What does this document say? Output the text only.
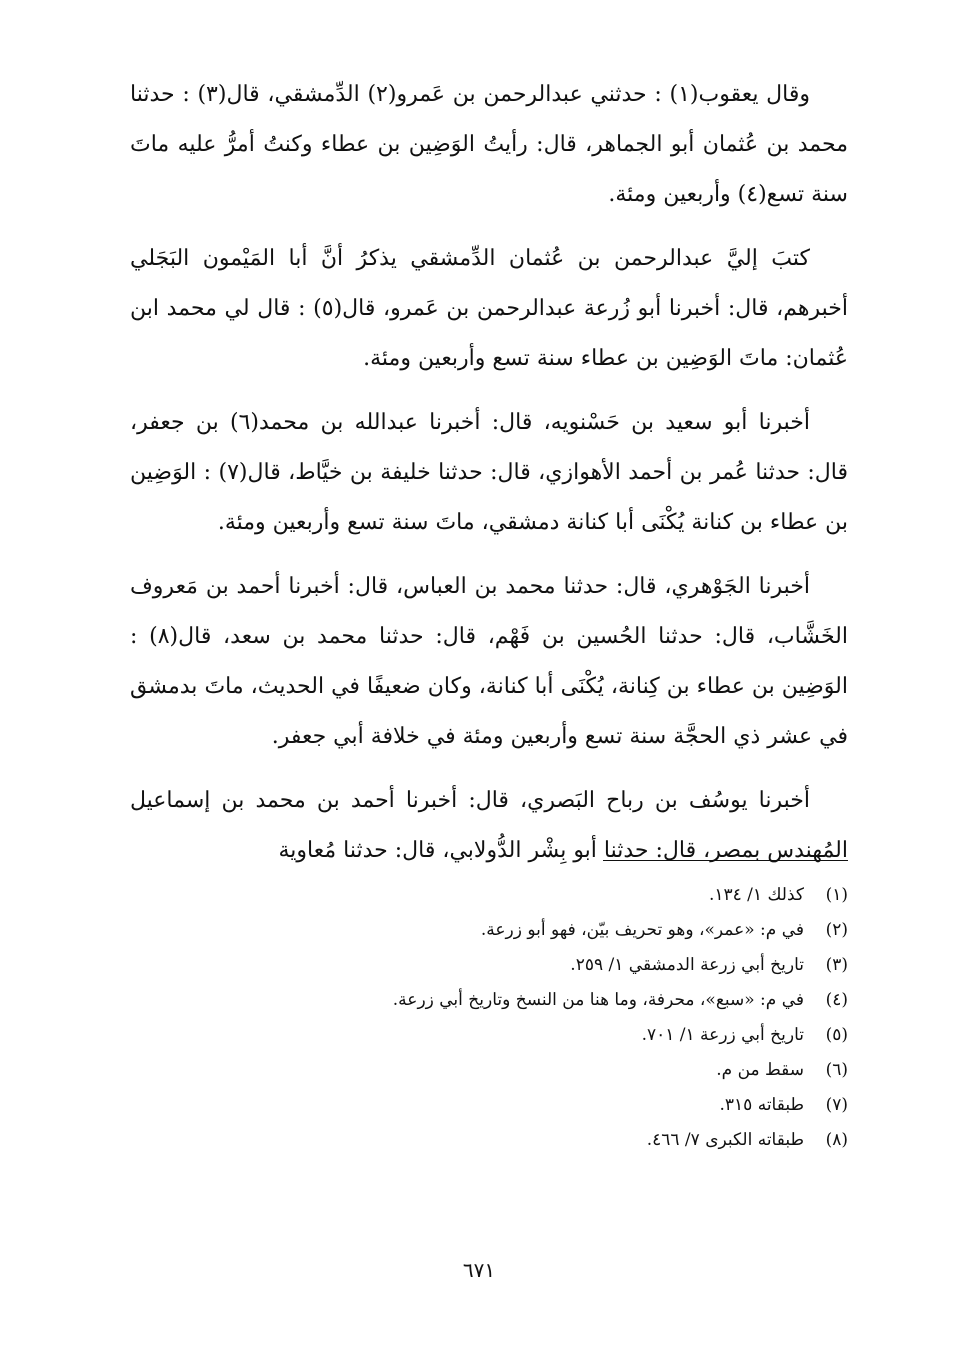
وقال يعقوب(١) : حدثني عبدالرحمن بن عَمرو(٢) الدِّمشقي، قال(٣) : حدثنا محمد بن عُثمان أبو الجماهر، قال: رأيتُ الوَضِين بن عطاء وكنتُ أمرُّ عليه ماتَ سنة تسع(٤) وأربعين ومئة.

كتبَ إليَّ عبدالرحمن بن عُثمان الدِّمشقي يذكرُ أنَّ أبا المَيْمون البَجَلي أخبرهم، قال: أخبرنا أبو زُرعة عبدالرحمن بن عَمرو، قال(٥) : قال لي محمد ابن عُثمان: ماتَ الوَضِين بن عطاء سنة تسع وأربعين ومئة.

أخبرنا أبو سعيد بن حَسْنويه، قال: أخبرنا عبدالله بن محمد(٦) بن جعفر، قال: حدثنا عُمر بن أحمد الأهوازي، قال: حدثنا خليفة بن خيَّاط، قال(٧) : الوَضِين بن عطاء بن كنانة يُكْنَى أبا كنانة دمشقي، ماتَ سنة تسع وأربعين ومئة.

أخبرنا الجَوْهري، قال: حدثنا محمد بن العباس، قال: أخبرنا أحمد بن مَعروف الخَشَّاب، قال: حدثنا الحُسين بن فَهْم، قال: حدثنا محمد بن سعد، قال(٨) : الوَضِين بن عطاء بن كِنانة، يُكْنَى أبا كنانة، وكان ضعيفًا في الحديث، ماتَ بدمشق في عشر ذي الحجَّة سنة تسع وأربعين ومئة في خلافة أبي جعفر.

أخبرنا يوسُف بن رباح البَصري، قال: أخبرنا أحمد بن محمد بن إسماعيل المُهندس بمصر، قال: حدثنا أبو بِشْر الدُّولابي، قال: حدثنا مُعاوية

(١)
كذلك ١/ ١٣٤.
(٢)
في م: «عمر»، وهو تحريف بيّن، فهو أبو زرعة.
(٣)
تاريخ أبي زرعة الدمشقي ١/ ٢٥٩.
(٤)
في م: «سبع»، محرفة، وما هنا من النسخ وتاريخ أبي زرعة.
(٥)
تاريخ أبي زرعة ١/ ٧٠١.
(٦)
سقط من م.
(٧)
طبقاته ٣١٥.
(٨)
طبقاته الكبرى ٧/ ٤٦٦.
٦٧١
